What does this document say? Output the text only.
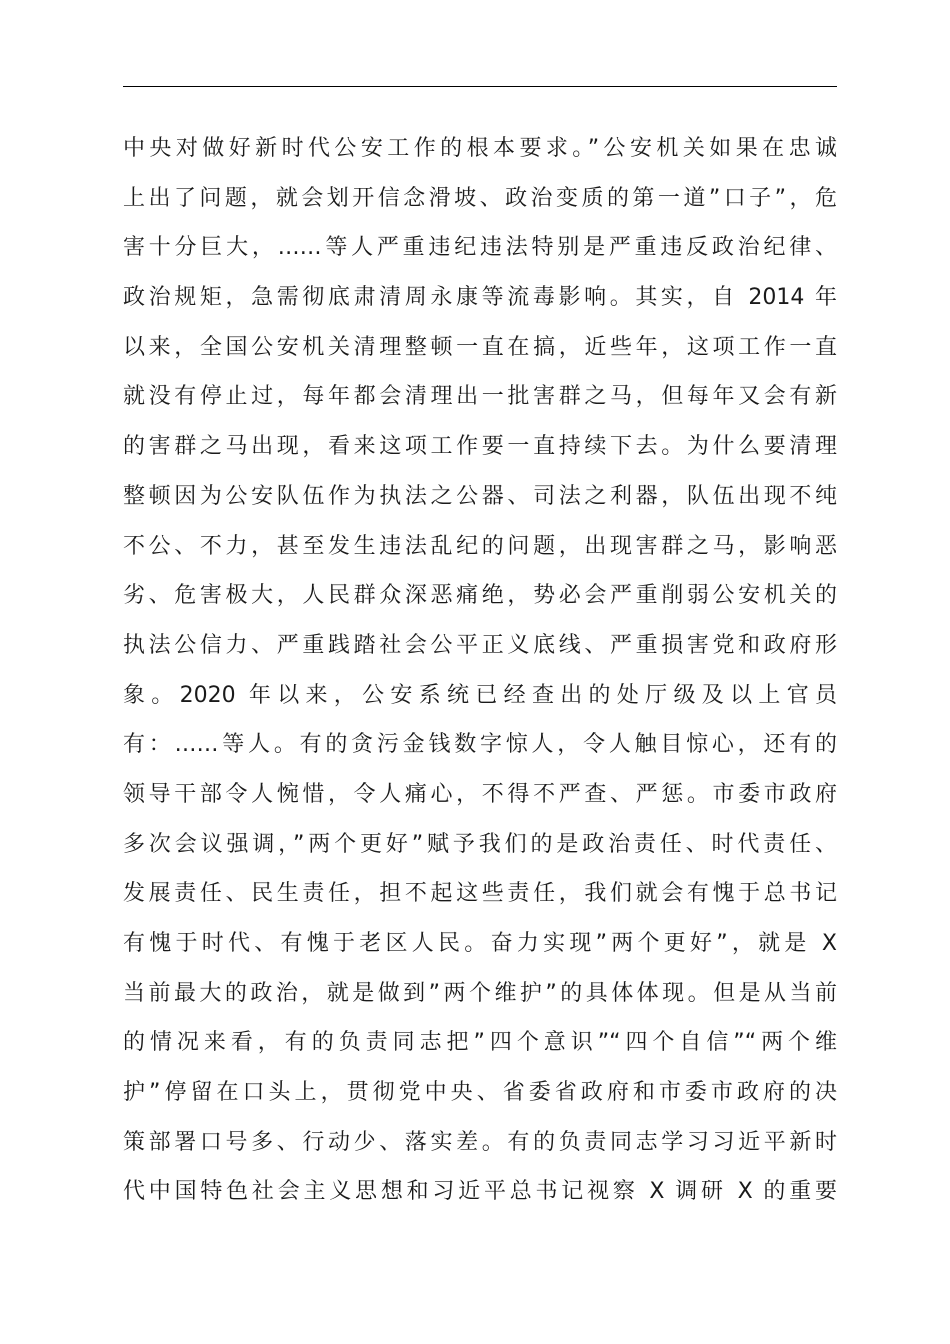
中央对做好新时代公安工作的根本要求。”公安机关如果在忠诚
上出了问题，就会划开信念滑坡、政治变质的第一道”口子”，危
害十分巨大，……等人严重违纪违法特别是严重违反政治纪律、
政治规矩，急需彻底肃清周永康等流毒影响。其实，自 2014 年
以来，全国公安机关清理整顿一直在搞，近些年，这项工作一直
就没有停止过，每年都会清理出一批害群之马，但每年又会有新
的害群之马出现，看来这项工作要一直持续下去。为什么要清理
整顿因为公安队伍作为执法之公器、司法之利器，队伍出现不纯
不公、不力，甚至发生违法乱纪的问题，出现害群之马，影响恶
劣、危害极大，人民群众深恶痛绝，势必会严重削弱公安机关的
执法公信力、严重践踏社会公平正义底线、严重损害党和政府形
象。2020 年以来，公安系统已经查出的处厅级及以上官员
有：……等人。有的贪污金钱数字惊人，令人触目惊心，还有的
领导干部令人惋惜，令人痛心，不得不严查、严惩。市委市政府
多次会议强调，”两个更好”赋予我们的是政治责任、时代责任、
发展责任、民生责任，担不起这些责任，我们就会有愧于总书记
有愧于时代、有愧于老区人民。奋力实现”两个更好”，就是 X
当前最大的政治，就是做到”两个维护”的具体体现。但是从当前
的情况来看，有的负责同志把”四个意识”“四个自信”“两个维
护”停留在口头上，贯彻党中央、省委省政府和市委市政府的决
策部署口号多、行动少、落实差。有的负责同志学习习近平新时
代中国特色社会主义思想和习近平总书记视察 X 调研 X 的重要
